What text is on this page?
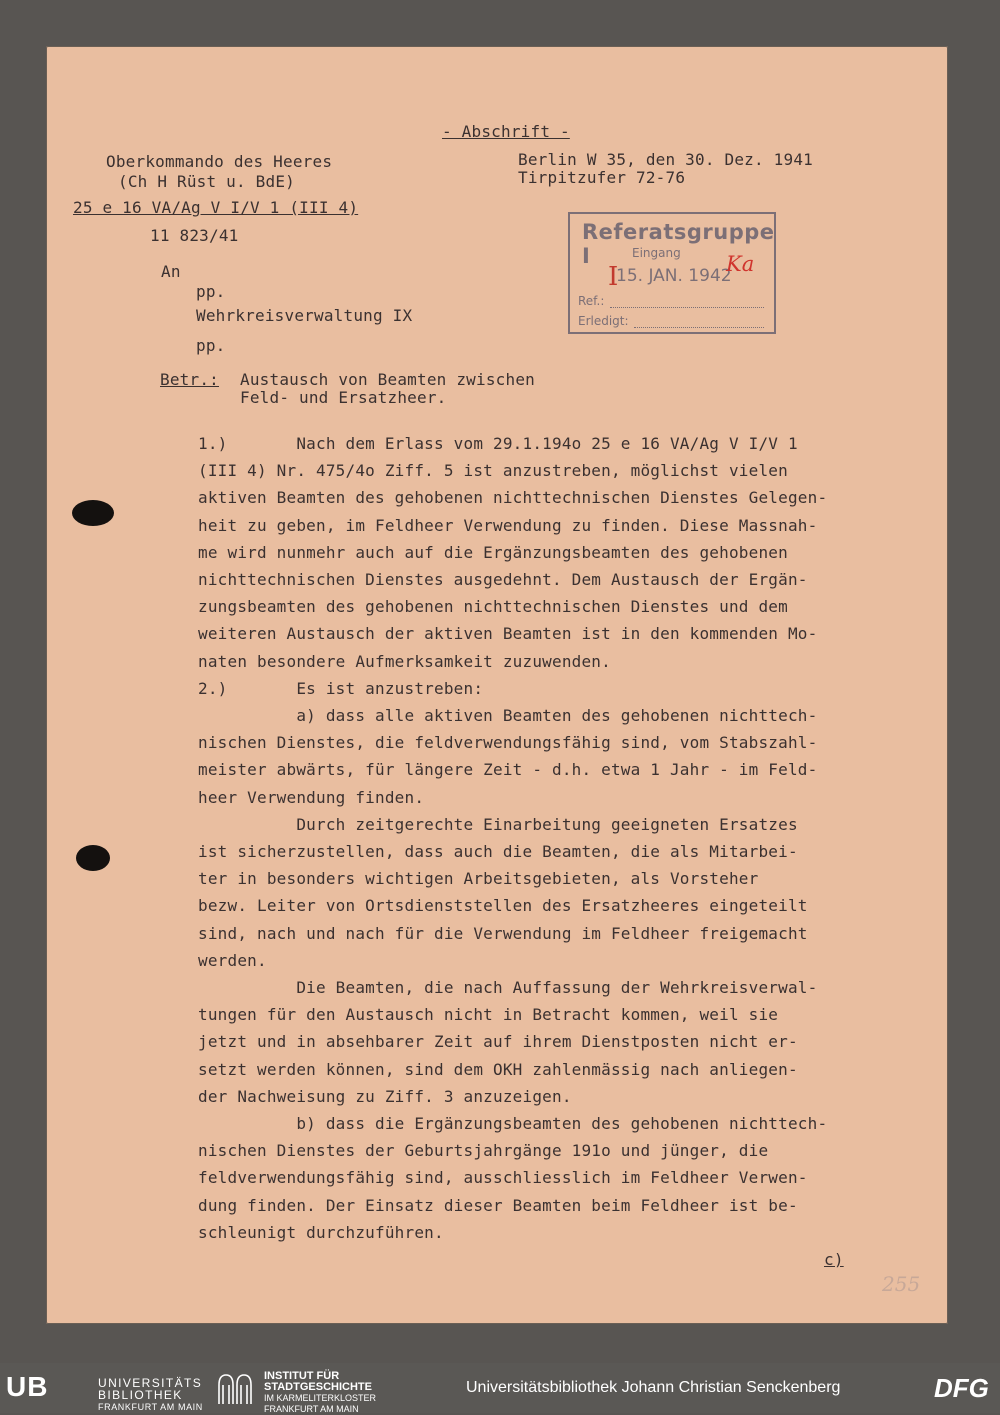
- Abschrift -
Oberkommando des Heeres
(Ch H Rüst u. BdE)
Berlin W 35, den 30. Dez. 1941
Tirpitzufer 72-76
25 e 16 VA/Ag V I/V 1 (III 4)
11 823/41
An
pp.
Wehrkreisverwaltung IX
pp.
Betr.: Austausch von Beamten zwischen
Feld- und Ersatzheer.
1.)       Nach dem Erlass vom 29.1.194o 25 e 16 VA/Ag V I/V 1
(III 4) Nr. 475/4o Ziff. 5 ist anzustreben, möglichst vielen
aktiven Beamten des gehobenen nichttechnischen Dienstes Gelegen-
heit zu geben, im Feldheer Verwendung zu finden. Diese Massnah-
me wird nunmehr auch auf die Ergänzungsbeamten des gehobenen
nichttechnischen Dienstes ausgedehnt. Dem Austausch der Ergän-
zungsbeamten des gehobenen nichttechnischen Dienstes und dem
weiteren Austausch der aktiven Beamten ist in den kommenden Mo-
naten besondere Aufmerksamkeit zuzuwenden.
2.)       Es ist anzustreben:
a) dass alle aktiven Beamten des gehobenen nichttech-
nischen Dienstes, die feldverwendungsfähig sind, vom Stabszahl-
meister abwärts, für längere Zeit - d.h. etwa 1 Jahr - im Feld-
heer Verwendung finden.
Durch zeitgerechte Einarbeitung geeigneten Ersatzes
ist sicherzustellen, dass auch die Beamten, die als Mitarbei-
ter in besonders wichtigen Arbeitsgebieten, als Vorsteher
bezw. Leiter von Ortsdienststellen des Ersatzheeres eingeteilt
sind, nach und nach für die Verwendung im Feldheer freigemacht
werden.
Die Beamten, die nach Auffassung der Wehrkreisverwal-
tungen für den Austausch nicht in Betracht kommen, weil sie
jetzt und in absehbarer Zeit auf ihrem Dienstposten nicht er-
setzt werden können, sind dem OKH zahlenmässig nach anliegen-
der Nachweisung zu Ziff. 3 anzuzeigen.
b) dass die Ergänzungsbeamten des gehobenen nichttech-
nischen Dienstes der Geburtsjahrgänge 191o und jünger, die
feldverwendungsfähig sind, ausschliesslich im Feldheer Verwen-
dung finden. Der Einsatz dieser Beamten beim Feldheer ist be-
schleunigt durchzuführen.
c)
255
Referatsgruppe I	Eingang
I
15. JAN. 1942
Ka
Ref.:
Erledigt:
UB	UNIVERSITÄTS
BIBLIOTHEK
FRANKFURT AM MAIN
INSTITUT FÜR
STADTGESCHICHTE
IM KARMELITERKLOSTER
FRANKFURT AM MAIN
Universitätsbibliothek Johann Christian Senckenberg	DFG
